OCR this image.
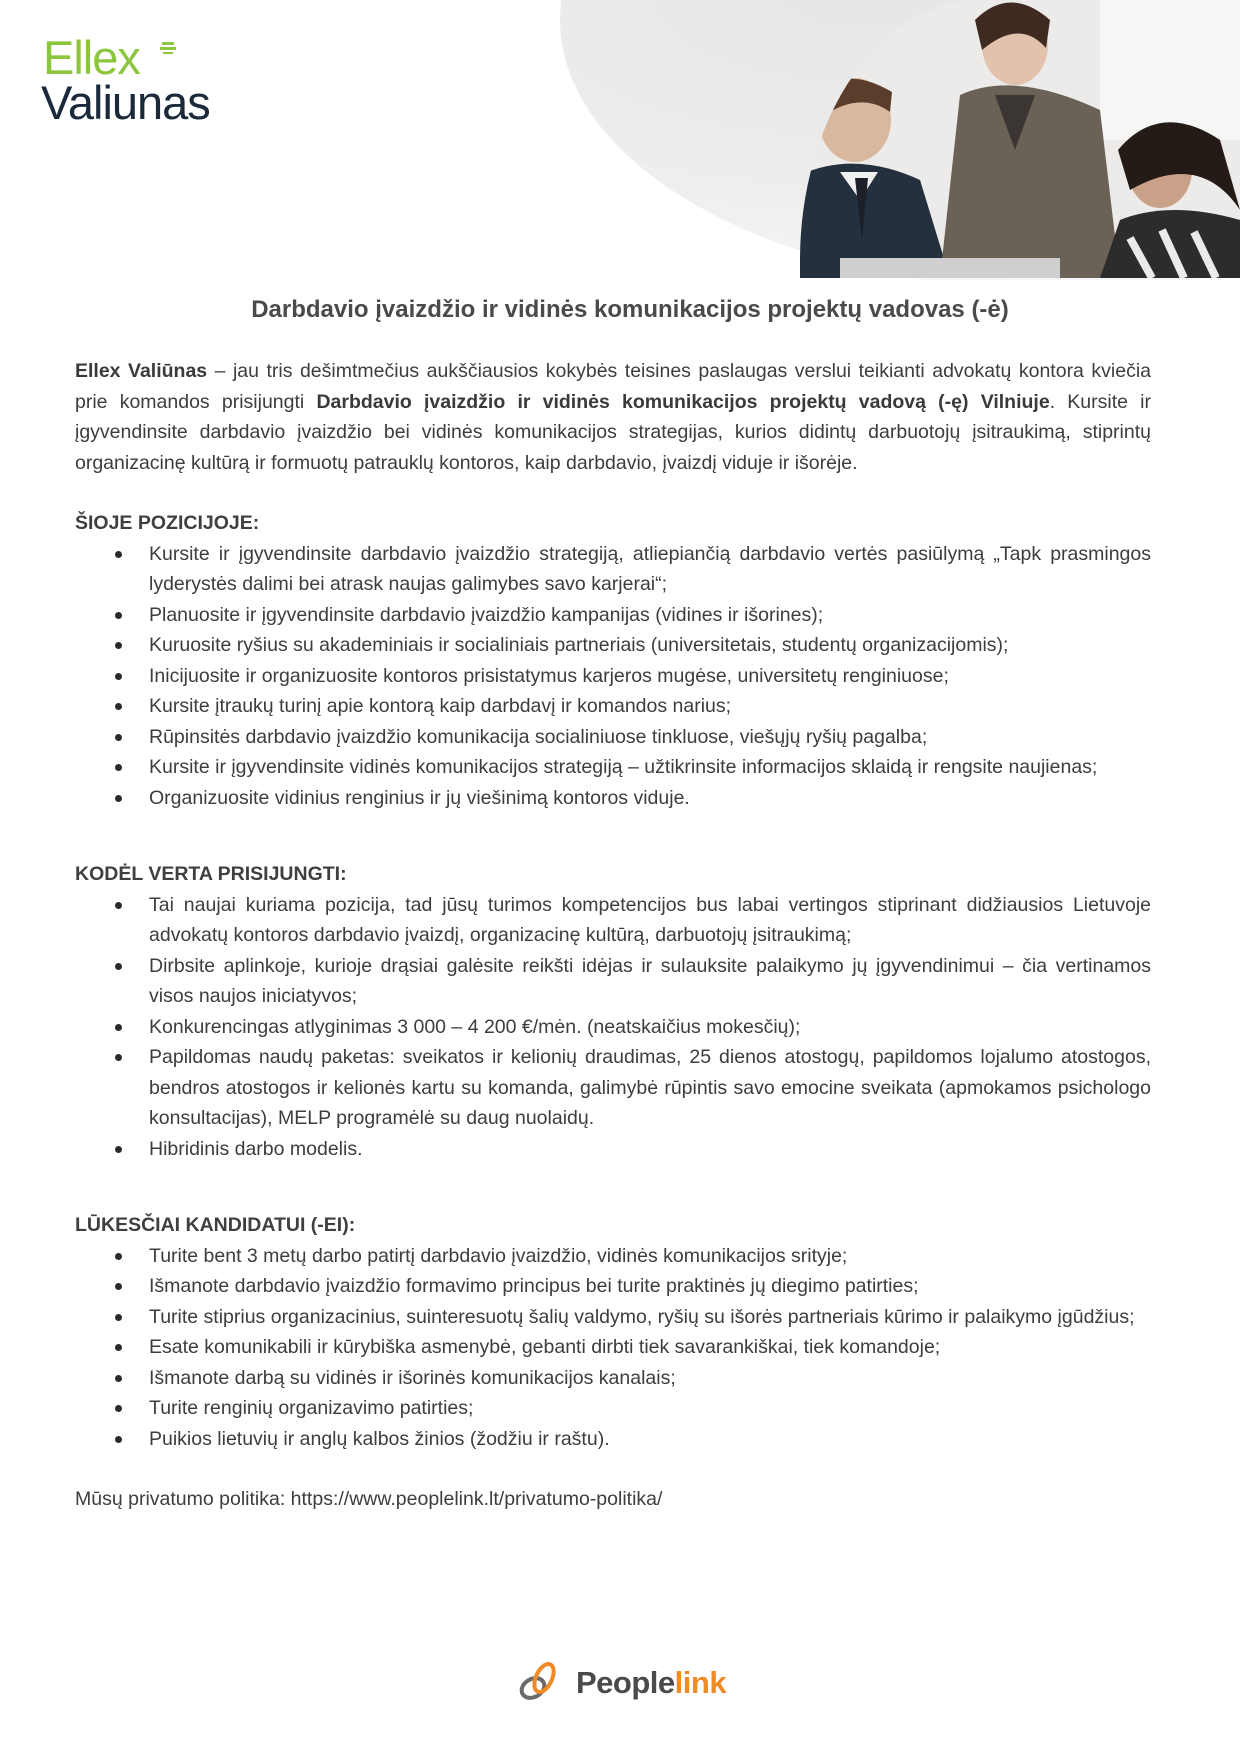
Ellex
Valiunas
Darbdavio įvaizdžio ir vidinės komunikacijos projektų vadovas (-ė)

Ellex Valiūnas – jau tris dešimtmečius aukščiausios kokybės teisines paslaugas verslui teikianti advokatų kontora kviečia prie komandos prisijungti Darbdavio įvaizdžio ir vidinės komunikacijos projektų vadovą (-ę) Vilniuje. Kursite ir įgyvendinsite darbdavio įvaizdžio bei vidinės komunikacijos strategijas, kurios didintų darbuotojų įsitraukimą, stiprintų organizacinę kultūrą ir formuotų patrauklų kontoros, kaip darbdavio, įvaizdį viduje ir išorėje.

ŠIOJE POZICIJOJE:

Kursite ir įgyvendinsite darbdavio įvaizdžio strategiją, atliepiančią darbdavio vertės pasiūlymą „Tapk prasmingos lyderystės dalimi bei atrask naujas galimybes savo karjerai“;
Planuosite ir įgyvendinsite darbdavio įvaizdžio kampanijas (vidines ir išorines);
Kuruosite ryšius su akademiniais ir socialiniais partneriais (universitetais, studentų organizacijomis);
Inicijuosite ir organizuosite kontoros prisistatymus karjeros mugėse, universitetų renginiuose;
Kursite įtraukų turinį apie kontorą kaip darbdavį ir komandos narius;
Rūpinsitės darbdavio įvaizdžio komunikacija socialiniuose tinkluose, viešųjų ryšių pagalba;
Kursite ir įgyvendinsite vidinės komunikacijos strategiją – užtikrinsite informacijos sklaidą ir rengsite naujienas;
Organizuosite vidinius renginius ir jų viešinimą kontoros viduje.

KODĖL VERTA PRISIJUNGTI:

Tai naujai kuriama pozicija, tad jūsų turimos kompetencijos bus labai vertingos stiprinant didžiausios Lietuvoje advokatų kontoros darbdavio įvaizdį, organizacinę kultūrą, darbuotojų įsitraukimą;
Dirbsite aplinkoje, kurioje drąsiai galėsite reikšti idėjas ir sulauksite palaikymo jų įgyvendinimui – čia vertinamos visos naujos iniciatyvos;
Konkurencingas atlyginimas 3 000 – 4 200 €/mėn. (neatskaičius mokesčių);
Papildomas naudų paketas: sveikatos ir kelionių draudimas, 25 dienos atostogų, papildomos lojalumo atostogos, bendros atostogos ir kelionės kartu su komanda, galimybė rūpintis savo emocine sveikata (apmokamos psichologo konsultacijas), MELP programėlė su daug nuolaidų.
Hibridinis darbo modelis.

LŪKESČIAI KANDIDATUI (-EI):

Turite bent 3 metų darbo patirtį darbdavio įvaizdžio, vidinės komunikacijos srityje;
Išmanote darbdavio įvaizdžio formavimo principus bei turite praktinės jų diegimo patirties;
Turite stiprius organizacinius, suinteresuotų šalių valdymo, ryšių su išorės partneriais kūrimo ir palaikymo įgūdžius;
Esate komunikabili ir kūrybiška asmenybė, gebanti dirbti tiek savarankiškai, tiek komandoje;
Išmanote darbą su vidinės ir išorinės komunikacijos kanalais;
Turite renginių organizavimo patirties;
Puikios lietuvių ir anglų kalbos žinios (žodžiu ir raštu).

Mūsų privatumo politika: https://www.peoplelink.lt/privatumo-politika/

Peoplelink
